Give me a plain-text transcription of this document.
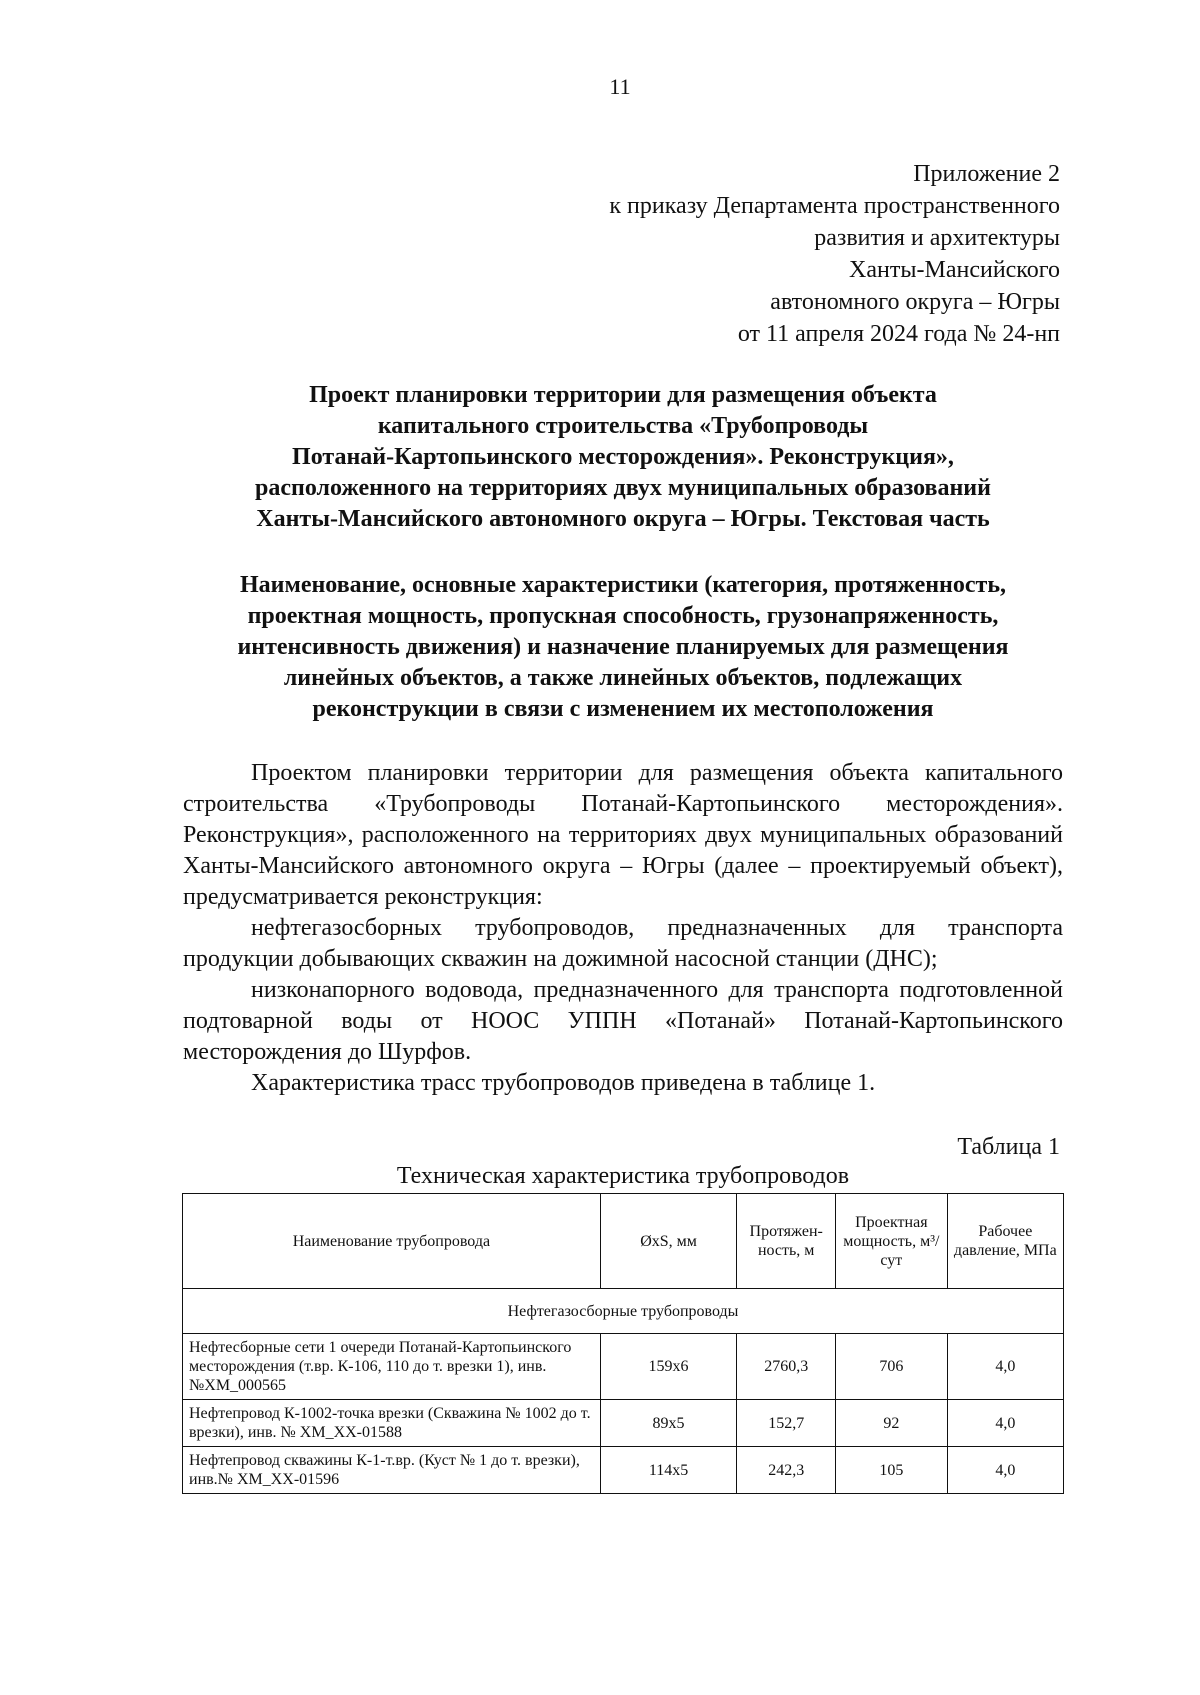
11
Приложение 2
к приказу Департамента пространственного
развития и архитектуры
Ханты-Мансийского
автономного округа – Югры
от 11 апреля 2024 года № 24-нп
Проект планировки территории для размещения объекта
капитального строительства «Трубопроводы
Потанай-Картопьинского месторождения». Реконструкция»,
расположенного на территориях двух муниципальных образований
Ханты-Мансийского автономного округа – Югры. Текстовая часть
Наименование, основные характеристики (категория, протяженность,
проектная мощность, пропускная способность, грузонапряженность,
интенсивность движения) и назначение планируемых для размещения
линейных объектов, а также линейных объектов, подлежащих
реконструкции в связи с изменением их местоположения

Проектом планировки территории для размещения объекта капитального строительства «Трубопроводы Потанай-Картопьинского месторождения». Реконструкция», расположенного на территориях двух муниципальных образований Ханты-Мансийского автономного округа – Югры (далее – проектируемый объект), предусматривается реконструкция:

нефтегазосборных трубопроводов, предназначенных для транспорта продукции добывающих скважин на дожимной насосной станции (ДНС);

низконапорного водовода, предназначенного для транспорта подготовленной подтоварной воды от НООС УППН «Потанай» Потанай-Картопьинского месторождения до Шурфов.

Характеристика трасс трубопроводов приведена в таблице 1.

Таблица 1
Техническая характеристика трубопроводов
Наименование трубопровода	ØxS, мм	Протяжен-ность, м	Проектная мощность, м³/сут	Рабочее давление, МПа
Нефтегазосборные трубопроводы				
Нефтесборные сети 1 очереди Потанай-Картопьинского месторождения (т.вр. К-106, 110 до т. врезки 1), инв.№XM_000565	159x6	2760,3	706	4,0
Нефтепровод К-1002-точка врезки (Скважина № 1002 до т. врезки), инв. № XM_XX-01588	89x5	152,7	92	4,0
Нефтепровод скважины К-1-т.вр. (Куст № 1 до т. врезки), инв.№ XM_XX-01596	114x5	242,3	105	4,0
